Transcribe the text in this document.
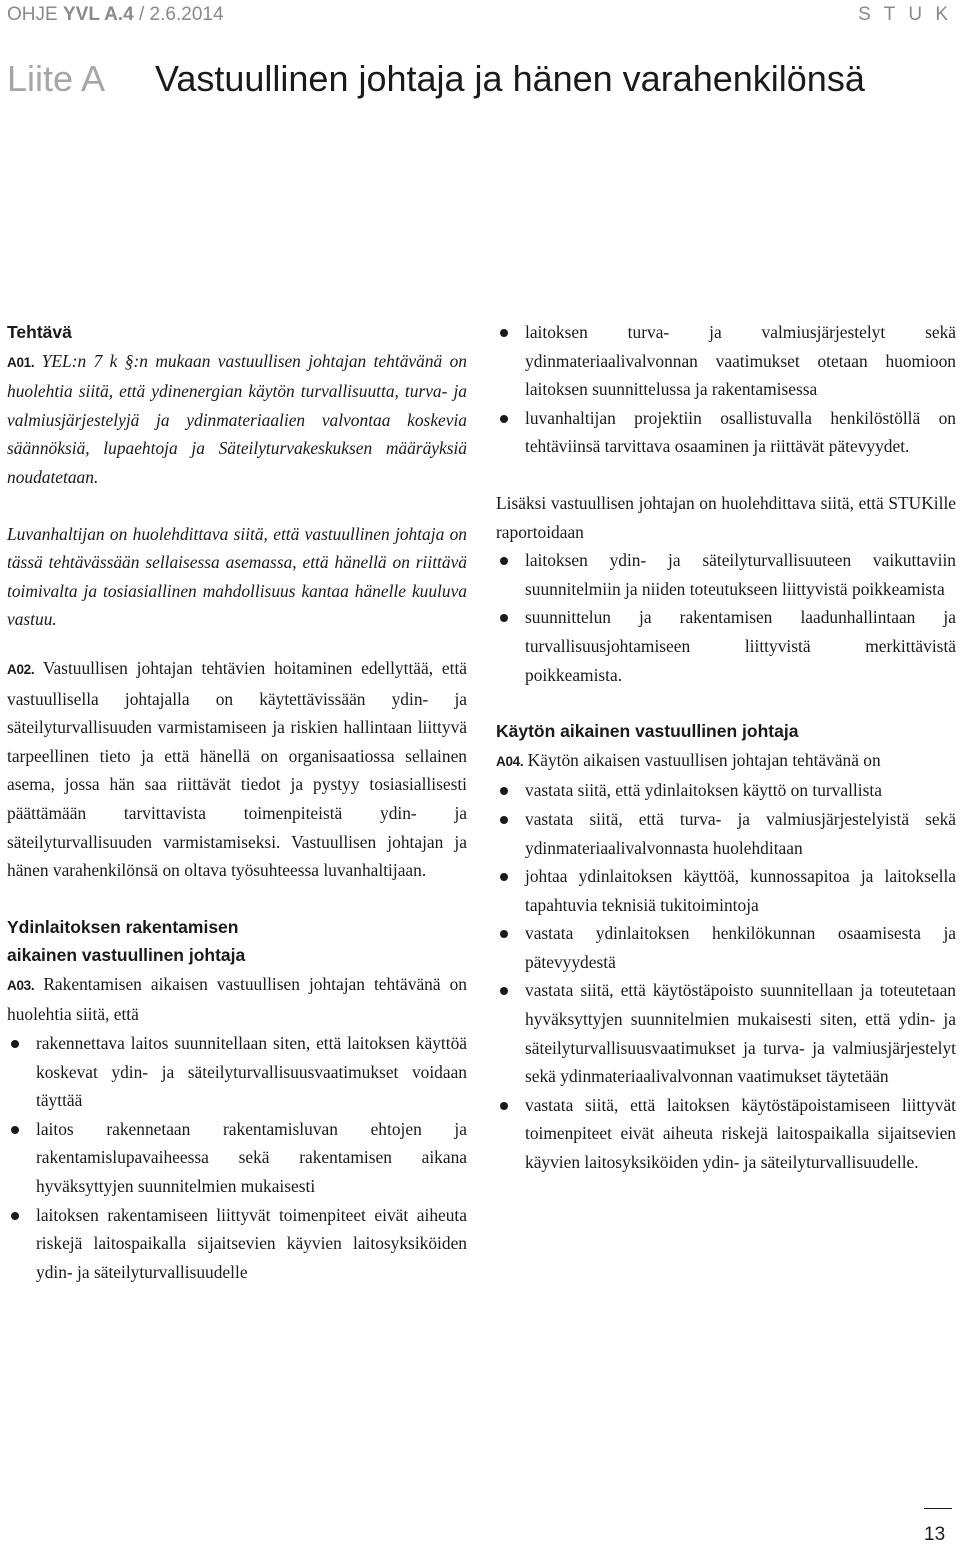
OHJE YVL A.4 / 2.6.2014	S T U K
Liite A Vastuullinen johtaja ja hänen varahenkilönsä

Tehtävä

A01. YEL:n 7 k §:n mukaan vastuullisen johtajan tehtävänä on huolehtia siitä, että ydinenergian käytön turvallisuutta, turva- ja valmiusjärjestelyjä ja ydinmateriaalien valvontaa koskevia säännöksiä, lupaehtoja ja Säteilyturvakeskuksen määräyksiä noudatetaan.

Luvanhaltijan on huolehdittava siitä, että vastuullinen johtaja on tässä tehtävässään sellaisessa asemassa, että hänellä on riittävä toimivalta ja tosiasiallinen mahdollisuus kantaa hänelle kuuluva vastuu.

A02. Vastuullisen johtajan tehtävien hoitaminen edellyttää, että vastuullisella johtajalla on käytettävissään ydin- ja säteilyturvallisuuden varmistamiseen ja riskien hallintaan liittyvä tarpeellinen tieto ja että hänellä on organisaatiossa sellainen asema, jossa hän saa riittävät tiedot ja pystyy tosiasiallisesti päättämään tarvittavista toimenpiteistä ydin- ja säteilyturvallisuuden varmistamiseksi. Vastuullisen johtajan ja hänen varahenkilönsä on oltava työsuhteessa luvanhaltijaan.

Ydinlaitoksen rakentamisen
aikainen vastuullinen johtaja

A03. Rakentamisen aikaisen vastuullisen johtajan tehtävänä on huolehtia siitä, että

rakennettava laitos suunnitellaan siten, että laitoksen käyttöä koskevat ydin- ja säteilyturvallisuusvaatimukset voidaan täyttää
laitos rakennetaan rakentamisluvan ehtojen ja rakentamislupavaiheessa sekä rakentamisen aikana hyväksyttyjen suunnitelmien mukaisesti
laitoksen rakentamiseen liittyvät toimenpiteet eivät aiheuta riskejä laitospaikalla sijaitsevien käyvien laitosyksiköiden ydin- ja säteilyturvallisuudelle
laitoksen turva- ja valmiusjärjestelyt sekä ydinmateriaalivalvonnan vaatimukset otetaan huomioon laitoksen suunnittelussa ja rakentamisessa
luvanhaltijan projektiin osallistuvalla henkilöstöllä on tehtäviinsä tarvittava osaaminen ja riittävät pätevyydet.

Lisäksi vastuullisen johtajan on huolehdittava siitä, että STUKille raportoidaan

laitoksen ydin- ja säteilyturvallisuuteen vaikuttaviin suunnitelmiin ja niiden toteutukseen liittyvistä poikkeamista
suunnittelun ja rakentamisen laadunhallintaan ja turvallisuusjohtamiseen liittyvistä merkittävistä poikkeamista.

Käytön aikainen vastuullinen johtaja

A04. Käytön aikaisen vastuullisen johtajan tehtävänä on

vastata siitä, että ydinlaitoksen käyttö on turvallista
vastata siitä, että turva- ja valmiusjärjestelyistä sekä ydinmateriaalivalvonnasta huolehditaan
johtaa ydinlaitoksen käyttöä, kunnossapitoa ja laitoksella tapahtuvia teknisiä tukitoimintoja
vastata ydinlaitoksen henkilökunnan osaamisesta ja pätevyydestä
vastata siitä, että käytöstäpoisto suunnitellaan ja toteutetaan hyväksyttyjen suunnitelmien mukaisesti siten, että ydin- ja säteilyturvallisuusvaatimukset ja turva- ja valmiusjärjestelyt sekä ydinmateriaalivalvonnan vaatimukset täytetään
vastata siitä, että laitoksen käytöstäpoistamiseen liittyvät toimenpiteet eivät aiheuta riskejä laitospaikalla sijaitsevien käyvien laitosyksiköiden ydin- ja säteilyturvallisuudelle.
13
